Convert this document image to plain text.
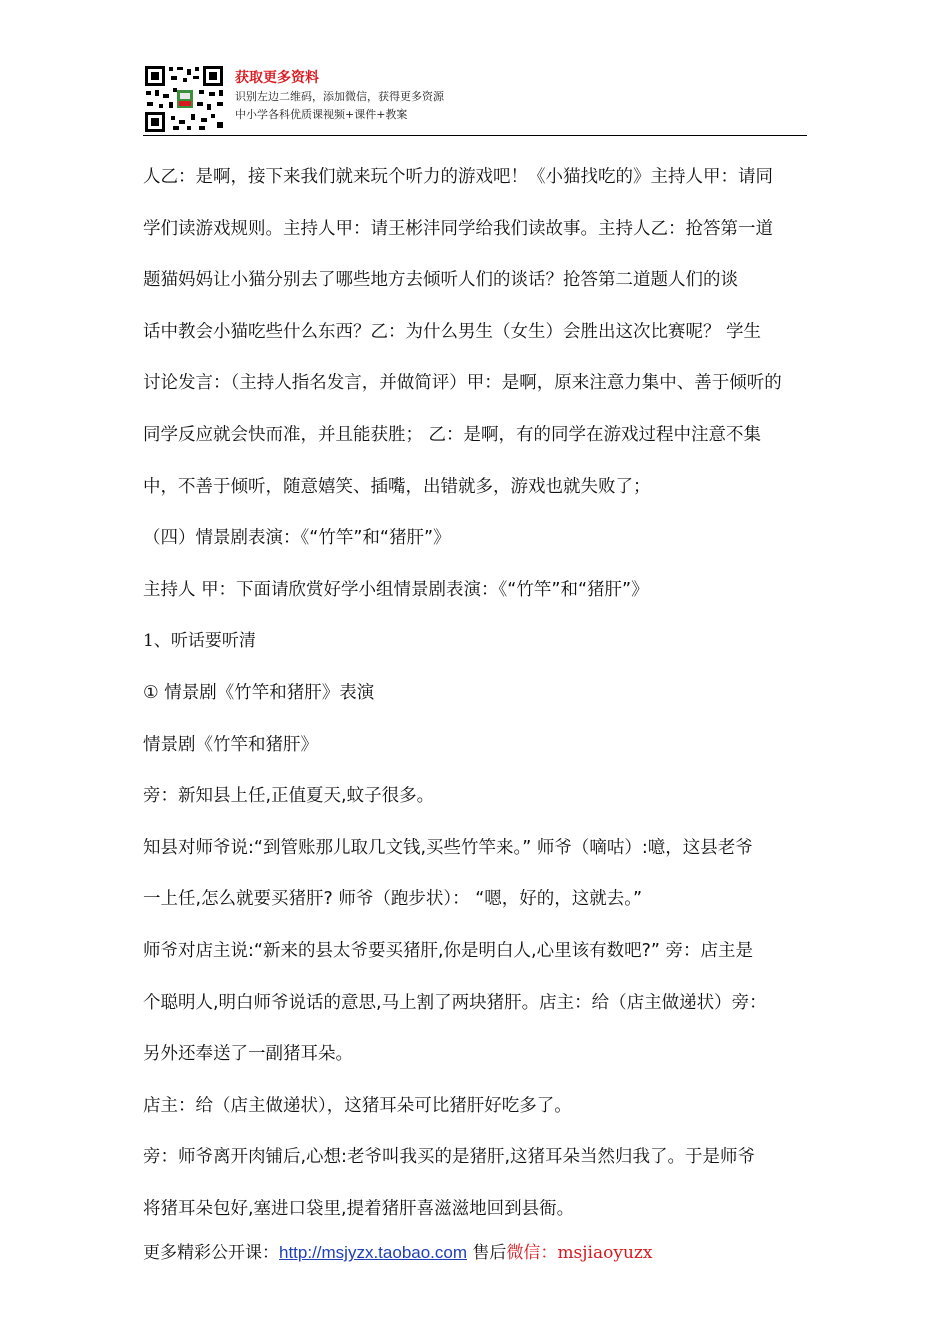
获取更多资料
识别左边二维码，添加微信，获得更多资源
中小学各科优质课视频+课件+教案

人乙：是啊，接下来我们就来玩个听力的游戏吧！《小猫找吃的》主持人甲：请同

学们读游戏规则。主持人甲：请王彬沣同学给我们读故事。主持人乙：抢答第一道

题猫妈妈让小猫分别去了哪些地方去倾听人们的谈话？抢答第二道题人们的谈

话中教会小猫吃些什么东西？乙：为什么男生（女生）会胜出这次比赛呢？ 学生

讨论发言：（主持人指名发言，并做简评）甲：是啊，原来注意力集中、善于倾听的

同学反应就会快而准，并且能获胜； 乙：是啊，有的同学在游戏过程中注意不集

中，不善于倾听，随意嬉笑、插嘴，出错就多，游戏也就失败了；

（四）情景剧表演：《“竹竿”和“猪肝”》

主持人 甲：下面请欣赏好学小组情景剧表演：《“竹竿”和“猪肝”》

1、听话要听清

① 情景剧《竹竿和猪肝》表演

情景剧《竹竿和猪肝》

旁：新知县上任,正值夏天,蚊子很多。

知县对师爷说:“到管账那儿取几文钱,买些竹竿来。” 师爷（嘀咕）:噫，这县老爷

一上任,怎么就要买猪肝? 师爷（跑步状）： “嗯，好的，这就去。”

师爷对店主说:“新来的县太爷要买猪肝,你是明白人,心里该有数吧?” 旁：店主是

个聪明人,明白师爷说话的意思,马上割了两块猪肝。店主：给（店主做递状）旁：

另外还奉送了一副猪耳朵。

店主：给（店主做递状），这猪耳朵可比猪肝好吃多了。

旁：师爷离开肉铺后,心想:老爷叫我买的是猪肝,这猪耳朵当然归我了。于是师爷

将猪耳朵包好,塞进口袋里,提着猪肝喜滋滋地回到县衙。

更多精彩公开课：http://msjyzx.taobao.com 售后微信：msjiaoyuzx
